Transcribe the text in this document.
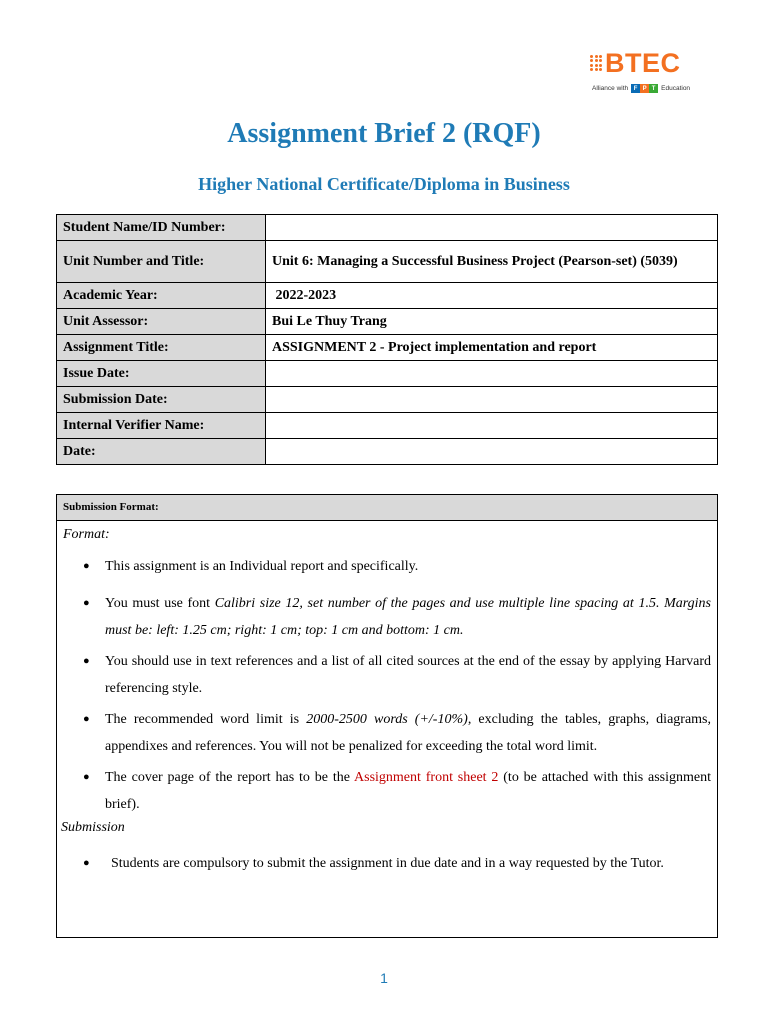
BTEC
Alliance with F P T Education
Assignment Brief 2 (RQF)
Higher National Certificate/Diploma in Business
Student Name/ID Number:	
Unit Number and Title:	Unit 6: Managing a Successful Business Project (Pearson-set) (5039)
Academic Year:	2022-2023
Unit Assessor:	Bui Le Thuy Trang
Assignment Title:	ASSIGNMENT 2 - Project implementation and report
Issue Date:	
Submission Date:	
Internal Verifier Name:	
Date:	
Submission Format:

Format:

● This assignment is an Individual report and specifically.
● You must use font Calibri size 12, set number of the pages and use multiple line spacing at 1.5. Margins must be: left: 1.25 cm; right: 1 cm; top: 1 cm and bottom: 1 cm.
● You should use in text references and a list of all cited sources at the end of the essay by applying Harvard referencing style.
● The recommended word limit is 2000-2500 words (+/-10%), excluding the tables, graphs, diagrams, appendixes and references. You will not be penalized for exceeding the total word limit.
● The cover page of the report has to be the Assignment front sheet 2 (to be attached with this assignment brief).

Submission

● Students are compulsory to submit the assignment in due date and in a way requested by the Tutor.
1
